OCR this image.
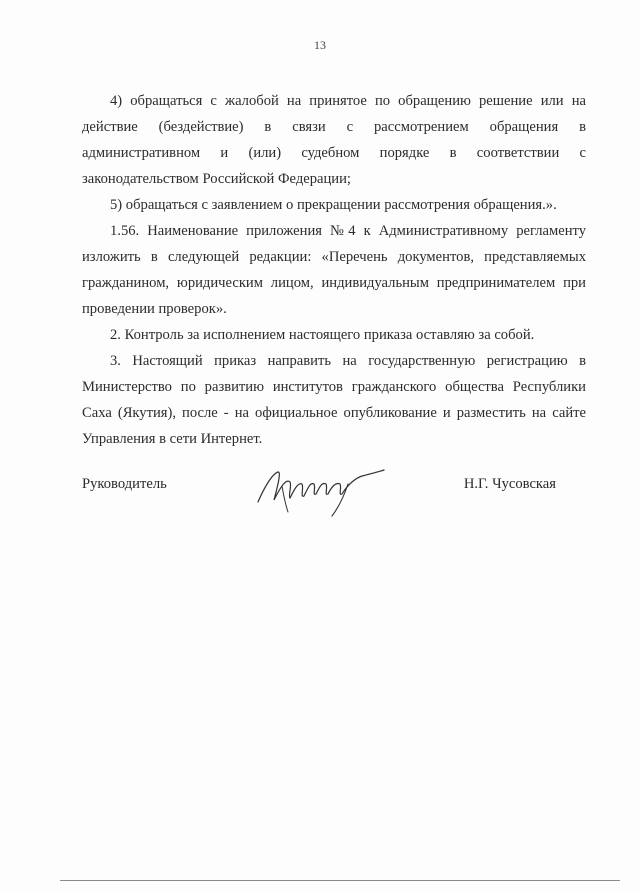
13

4) обращаться с жалобой на принятое по обращению решение или на действие (бездействие) в связи с рассмотрением обращения в административном и (или) судебном порядке в соответствии с законодательством Российской Федерации;

5) обращаться с заявлением о прекращении рассмотрения обращения.».

1.56. Наименование приложения №4 к Административному регламенту изложить в следующей редакции: «Перечень документов, представляемых гражданином, юридическим лицом, индивидуальным предпринимателем при проведении проверок».

2. Контроль за исполнением настоящего приказа оставляю за собой.

3. Настоящий приказ направить на государственную регистрацию в Министерство по развитию институтов гражданского общества Республики Саха (Якутия), после - на официальное опубликование и разместить на сайте Управления в сети Интернет.

Руководитель	Н.Г. Чусовская
